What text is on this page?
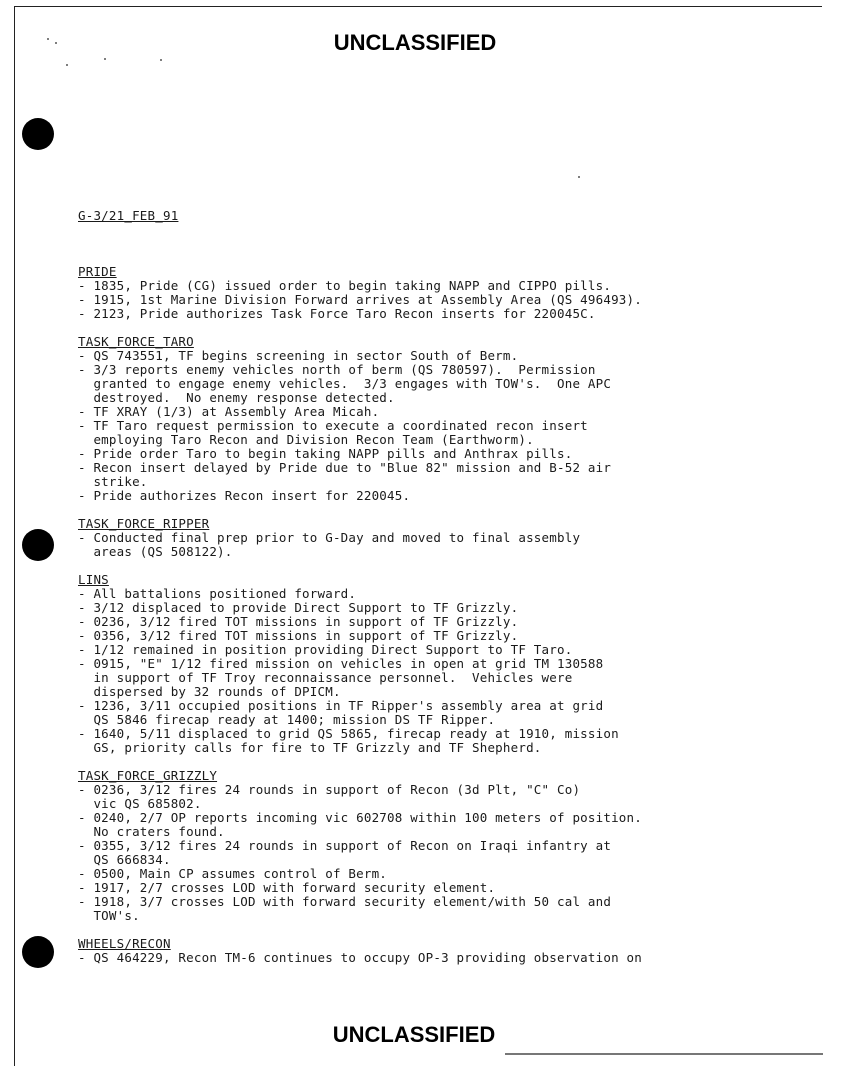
UNCLASSIFIED

G-3/21_FEB_91

PRIDE
- 1835, Pride (CG) issued order to begin taking NAPP and CIPPO pills.
- 1915, 1st Marine Division Forward arrives at Assembly Area (QS 496493).
- 2123, Pride authorizes Task Force Taro Recon inserts for 220045C.
TASK_FORCE_TARO
- QS 743551, TF begins screening in sector South of Berm.
- 3/3 reports enemy vehicles north of berm (QS 780597).  Permission
granted to engage enemy vehicles.  3/3 engages with TOW's.  One APC
destroyed.  No enemy response detected.
- TF XRAY (1/3) at Assembly Area Micah.
- TF Taro request permission to execute a coordinated recon insert
employing Taro Recon and Division Recon Team (Earthworm).
- Pride order Taro to begin taking NAPP pills and Anthrax pills.
- Recon insert delayed by Pride due to "Blue 82" mission and B-52 air
strike.
- Pride authorizes Recon insert for 220045.
TASK_FORCE_RIPPER
- Conducted final prep prior to G-Day and moved to final assembly
areas (QS 508122).
LINS
- All battalions positioned forward.
- 3/12 displaced to provide Direct Support to TF Grizzly.
- 0236, 3/12 fired TOT missions in support of TF Grizzly.
- 0356, 3/12 fired TOT missions in support of TF Grizzly.
- 1/12 remained in position providing Direct Support to TF Taro.
- 0915, "E" 1/12 fired mission on vehicles in open at grid TM 130588
in support of TF Troy reconnaissance personnel.  Vehicles were
dispersed by 32 rounds of DPICM.
- 1236, 3/11 occupied positions in TF Ripper's assembly area at grid
QS 5846 firecap ready at 1400; mission DS TF Ripper.
- 1640, 5/11 displaced to grid QS 5865, firecap ready at 1910, mission
GS, priority calls for fire to TF Grizzly and TF Shepherd.
TASK_FORCE_GRIZZLY
- 0236, 3/12 fires 24 rounds in support of Recon (3d Plt, "C" Co)
vic QS 685802.
- 0240, 2/7 OP reports incoming vic 602708 within 100 meters of position.
No craters found.
- 0355, 3/12 fires 24 rounds in support of Recon on Iraqi infantry at
QS 666834.
- 0500, Main CP assumes control of Berm.
- 1917, 2/7 crosses LOD with forward security element.
- 1918, 3/7 crosses LOD with forward security element/with 50 cal and
TOW's.
WHEELS/RECON
- QS 464229, Recon TM-6 continues to occupy OP-3 providing observation on

UNCLASSIFIED
